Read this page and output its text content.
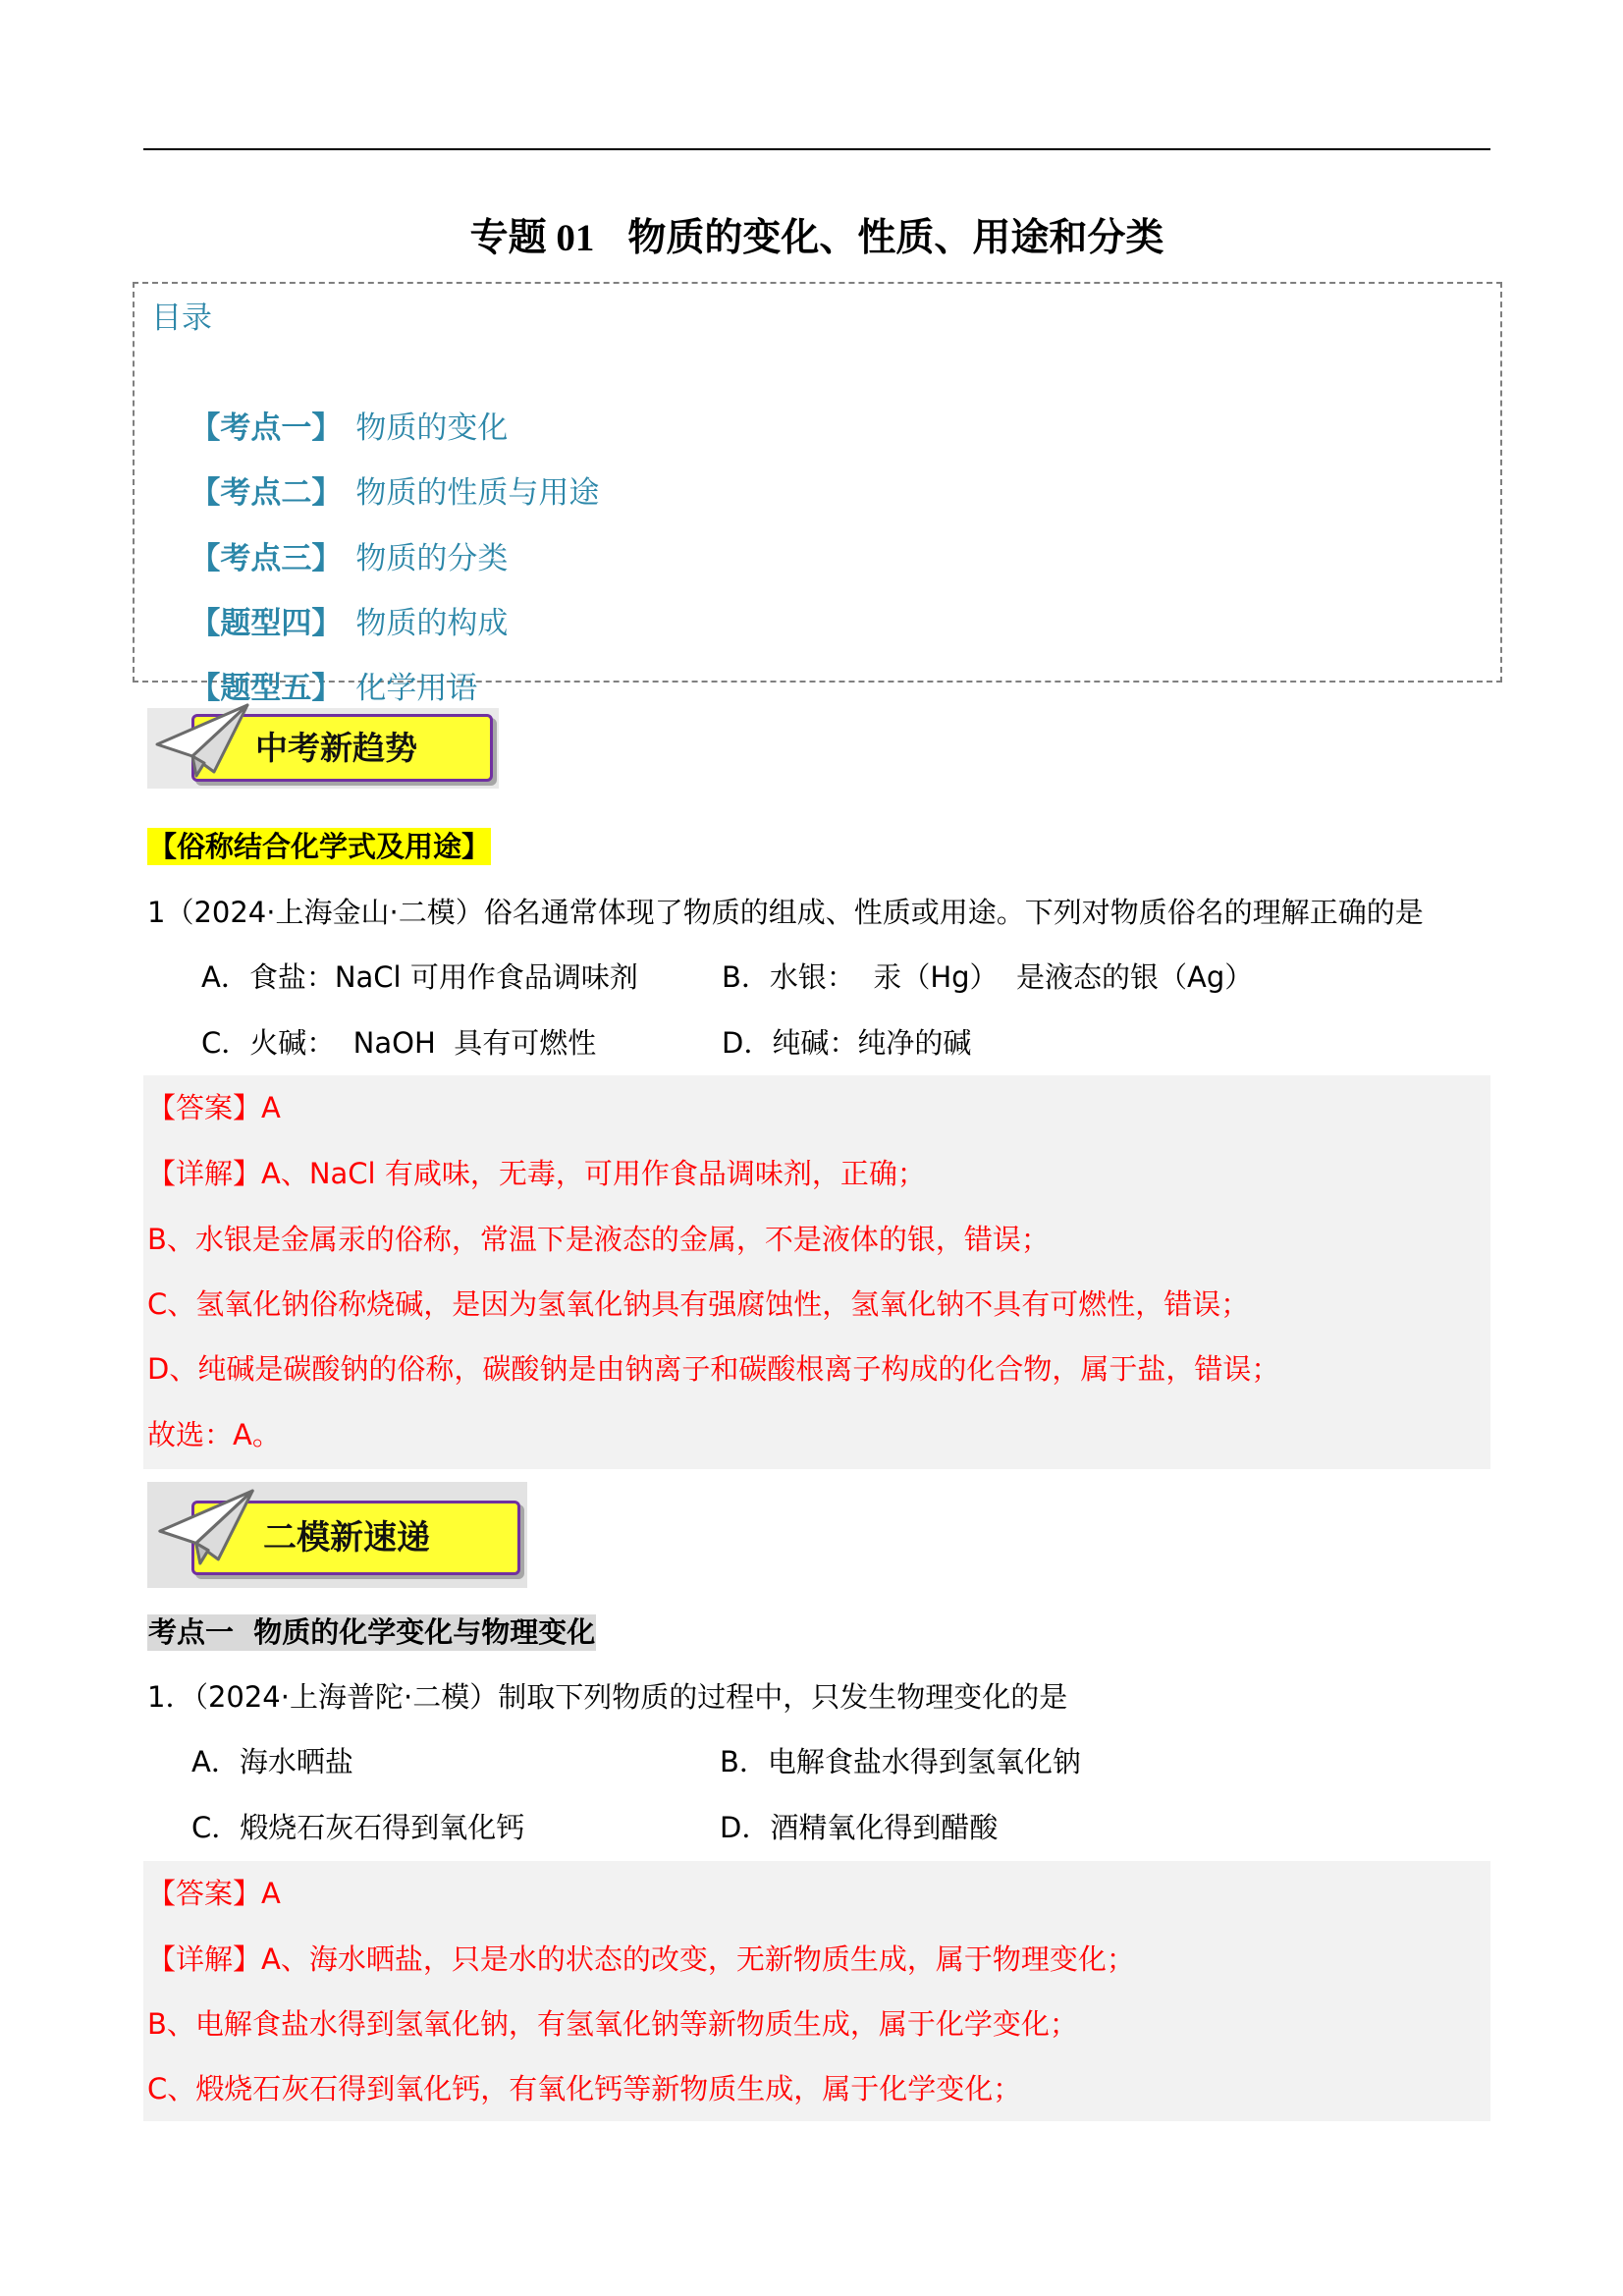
专题 01 物质的变化、性质、用途和分类
目录

【考点一】 物质的变化

【考点二】 物质的性质与用途

【考点三】 物质的分类

【题型四】 物质的构成

【题型五】 化学用语

中考新趋势
【俗称结合化学式及用途】
1（2024·上海金山·二模）俗名通常体现了物质的组成、性质或用途。下列对物质俗名的理解正确的是
A．食盐：NaCl 可用作食品调味剂	B．水银：  汞（Hg）  是液态的银（Ag）
C．火碱：  NaOH  具有可燃性	D．纯碱：纯净的碱
【答案】A
【详解】A、NaCl 有咸味，无毒，可用作食品调味剂，正确；
B、水银是金属汞的俗称，常温下是液态的金属，不是液体的银，错误；
C、氢氧化钠俗称烧碱，是因为氢氧化钠具有强腐蚀性，氢氧化钠不具有可燃性，错误；
D、纯碱是碳酸钠的俗称，碳酸钠是由钠离子和碳酸根离子构成的化合物，属于盐，错误；
故选：A。
二模新速递
考点一  物质的化学变化与物理变化
1．（2024·上海普陀·二模）制取下列物质的过程中，只发生物理变化的是
A．海水晒盐	B．电解食盐水得到氢氧化钠
C．煅烧石灰石得到氧化钙	D．酒精氧化得到醋酸
【答案】A
【详解】A、海水晒盐，只是水的状态的改变，无新物质生成，属于物理变化；
B、电解食盐水得到氢氧化钠，有氢氧化钠等新物质生成，属于化学变化；
C、煅烧石灰石得到氧化钙，有氧化钙等新物质生成，属于化学变化；
